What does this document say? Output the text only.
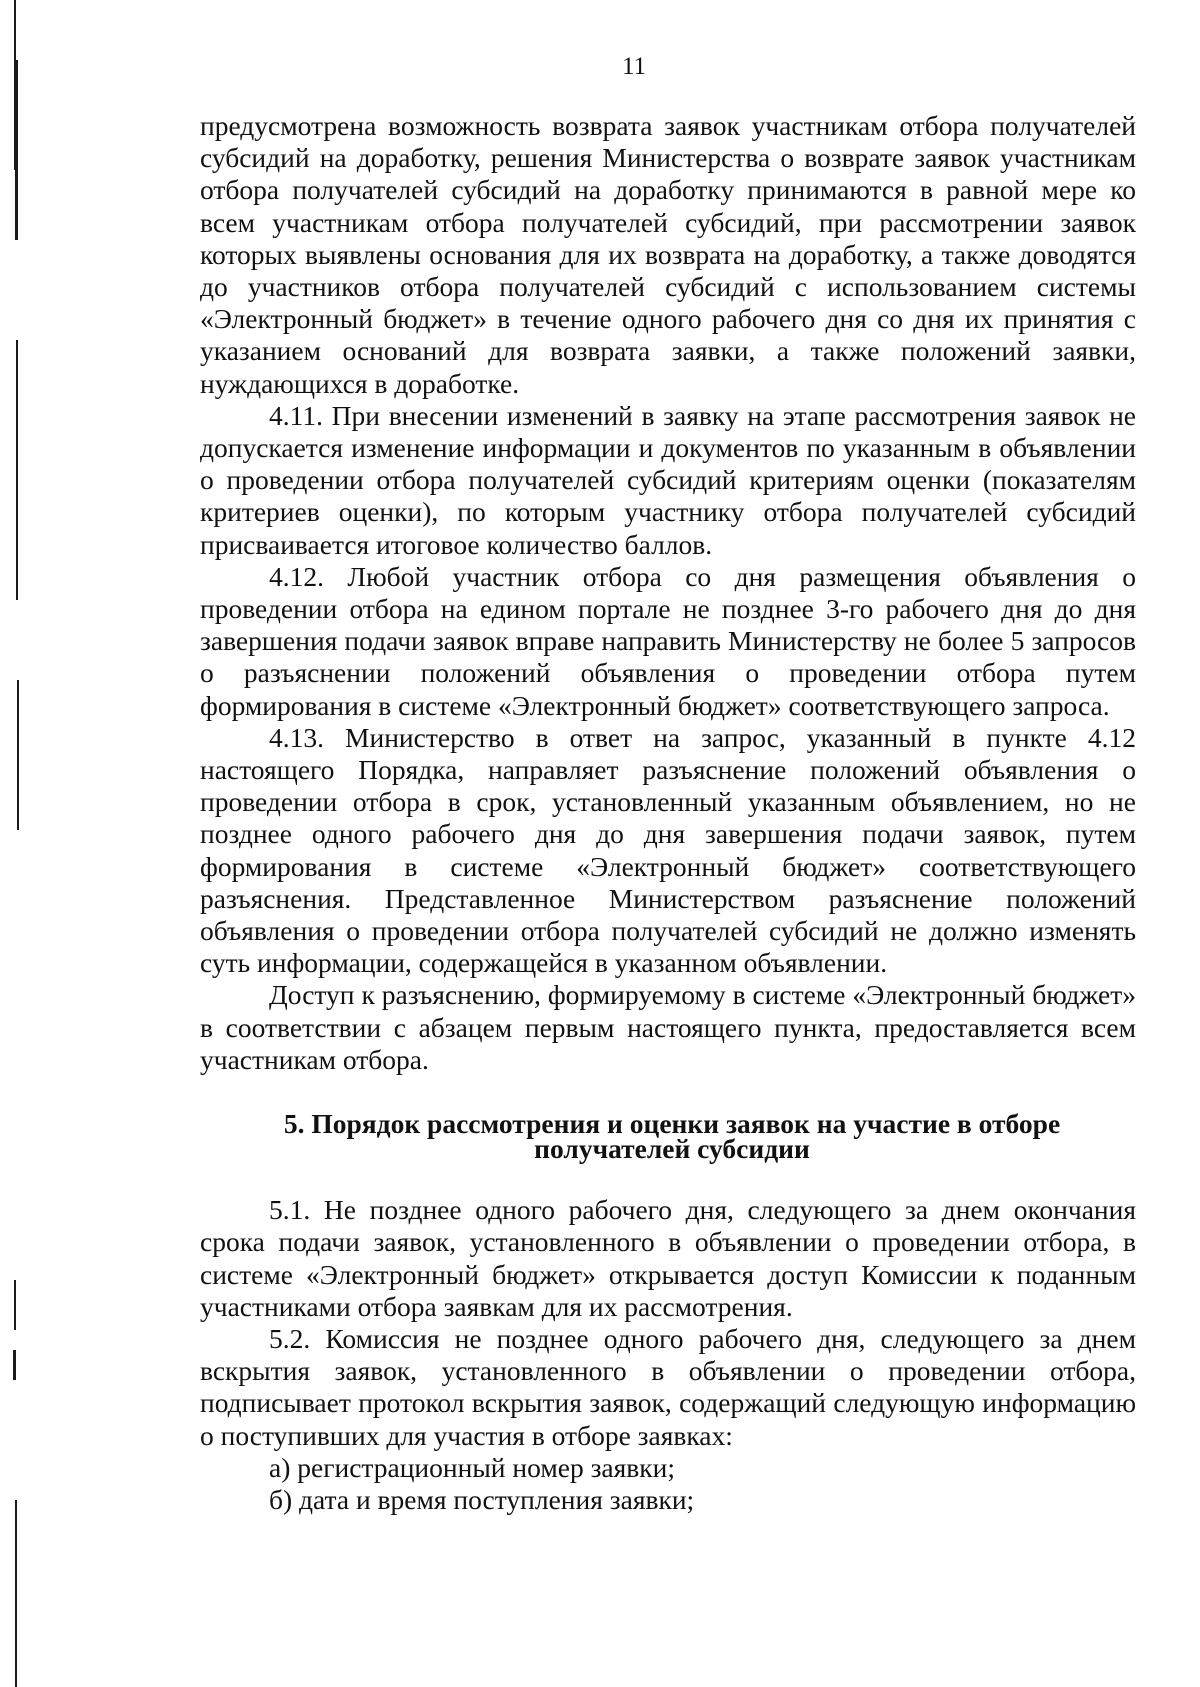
11

предусмотрена возможность возврата заявок участникам отбора получателей субсидий на доработку, решения Министерства о возврате заявок участникам отбора получателей субсидий на доработку принимаются в равной мере ко всем участникам отбора получателей субсидий, при рассмотрении заявок которых выявлены основания для их возврата на доработку, а также доводятся до участников отбора получателей субсидий с использованием системы «Электронный бюджет» в течение одного рабочего дня со дня их принятия с указанием оснований для возврата заявки, а также положений заявки, нуждающихся в доработке.

4.11. При внесении изменений в заявку на этапе рассмотрения заявок не допускается изменение информации и документов по указанным в объявлении о проведении отбора получателей субсидий критериям оценки (показателям критериев оценки), по которым участнику отбора получателей субсидий присваивается итоговое количество баллов.

4.12. Любой участник отбора со дня размещения объявления о проведении отбора на едином портале не позднее 3-го рабочего дня до дня завершения подачи заявок вправе направить Министерству не более 5 запросов о разъяснении положений объявления о проведении отбора путем формирования в системе «Электронный бюджет» соответствующего запроса.

4.13. Министерство в ответ на запрос, указанный в пункте 4.12 настоящего Порядка, направляет разъяснение положений объявления о проведении отбора в срок, установленный указанным объявлением, но не позднее одного рабочего дня до дня завершения подачи заявок, путем формирования в системе «Электронный бюджет» соответствующего разъяснения. Представленное Министерством разъяснение положений объявления о проведении отбора получателей субсидий не должно изменять суть информации, содержащейся в указанном объявлении.

Доступ к разъяснению, формируемому в системе «Электронный бюджет» в соответствии с абзацем первым настоящего пункта, предоставляется всем участникам отбора.

5. Порядок рассмотрения и оценки заявок на участие в отборе
получателей субсидии

5.1. Не позднее одного рабочего дня, следующего за днем окончания срока подачи заявок, установленного в объявлении о проведении отбора, в системе «Электронный бюджет» открывается доступ Комиссии к поданным участниками отбора заявкам для их рассмотрения.

5.2. Комиссия не позднее одного рабочего дня, следующего за днем вскрытия заявок, установленного в объявлении о проведении отбора, подписывает протокол вскрытия заявок, содержащий следующую информацию о поступивших для участия в отборе заявках:

а) регистрационный номер заявки;

б) дата и время поступления заявки;
